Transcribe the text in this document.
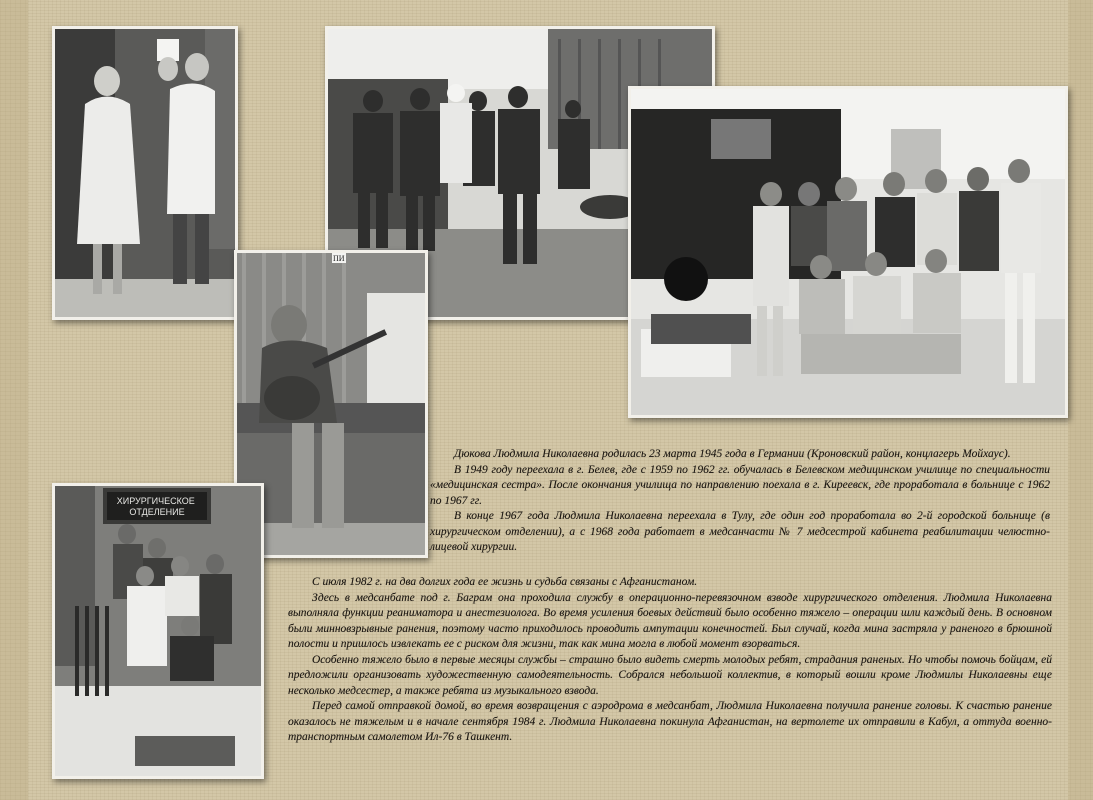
ПИ
ХИРУРГИЧЕСКОЕ ОТДЕЛЕНИЕ

Дюкова Людмила Николаевна родилась 23 марта 1945 года в Германии (Кроновский район, концлагерь Мойхаус).

В 1949 году переехала в г. Белев, где с 1959 по 1962 гг. обучалась в Белевском медицинском училище по специальности «медицинская сестра». После окончания училища по направлению поехала в г. Киреевск, где проработала в больнице с 1962 по 1967 гг.

В конце 1967 года Людмила Николаевна переехала в Тулу, где один год проработала во 2-й городской больнице (в хирургическом отделении), а с 1968 года работает в медсанчасти № 7 медсестрой кабинета реабилитации челюстно-лицевой хирургии.

С июля 1982 г. на два долгих года ее жизнь и судьба связаны с Афганистаном.

Здесь в медсанбате под г. Баграм она проходила службу в операционно-перевязочном взводе хирургического отделения. Людмила Николаевна выполняла функции реаниматора и анестезиолога. Во время усиления боевых действий было особенно тяжело – операции шли каждый день. В основном были минновзрывные ранения, поэтому часто приходилось проводить ампутации конечностей. Был случай, когда мина застряла у раненого в брюшной полости и пришлось извлекать ее с риском для жизни, так как мина могла в любой момент взорваться.

Особенно тяжело было в первые месяцы службы – страшно было видеть смерть молодых ребят, страдания раненых. Но чтобы помочь бойцам, ей предложили организовать художественную самодеятельность. Собрался небольшой коллектив, в который вошли кроме Людмилы Николаевны еще несколько медсестер, а также ребята из музыкального взвода.

Перед самой отправкой домой, во время возвращения с аэродрома в медсанбат, Людмила Николаевна получила ранение головы. К счастью ранение оказалось не тяжелым и в начале сентября 1984 г. Людмила Николаевна покинула Афганистан, на вертолете их отправили в Кабул, а оттуда военно-транспортным самолетом Ил-76 в Ташкент.
